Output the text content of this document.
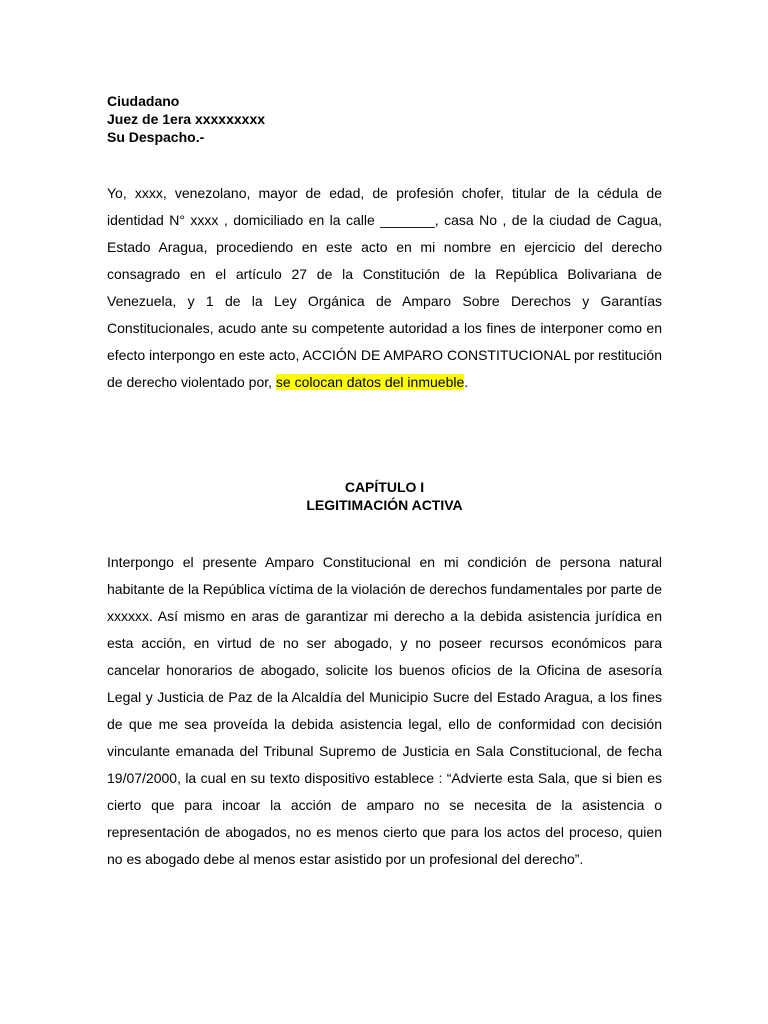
Ciudadano
Juez de 1era xxxxxxxxx
Su Despacho.-

Yo, xxxx, venezolano, mayor de edad, de profesión chofer, titular de la cédula de identidad N° xxxx , domiciliado en la calle _______, casa No , de la ciudad de Cagua, Estado Aragua, procediendo en este acto en mi nombre en ejercicio del derecho consagrado en el artículo 27 de la Constitución de la República Bolivariana de Venezuela, y 1 de la Ley Orgánica de Amparo Sobre Derechos y Garantías Constitucionales, acudo ante su competente autoridad a los fines de interponer como en efecto interpongo en este acto, ACCIÓN DE AMPARO CONSTITUCIONAL por restitución de derecho violentado por, se colocan datos del inmueble.

CAPÍTULO I
LEGITIMACIÓN ACTIVA

Interpongo el presente Amparo Constitucional en mi condición de persona natural habitante de la República víctima de la violación de derechos fundamentales por parte de xxxxxx. Así mismo en aras de garantizar mi derecho a la debida asistencia jurídica en esta acción, en virtud de no ser abogado, y no poseer recursos económicos para cancelar honorarios de abogado, solicite los buenos oficios de la Oficina de asesoría Legal y Justicia de Paz de la Alcaldía del Municipio Sucre del Estado Aragua, a los fines de que me sea proveída la debida asistencia legal, ello de conformidad con decisión vinculante emanada del Tribunal Supremo de Justicia en Sala Constitucional, de fecha 19/07/2000, la cual en su texto dispositivo establece : “Advierte esta Sala, que si bien es cierto que para incoar la acción de amparo no se necesita de la asistencia o representación de abogados, no es menos cierto que para los actos del proceso, quien no es abogado debe al menos estar asistido por un profesional del derecho”.
